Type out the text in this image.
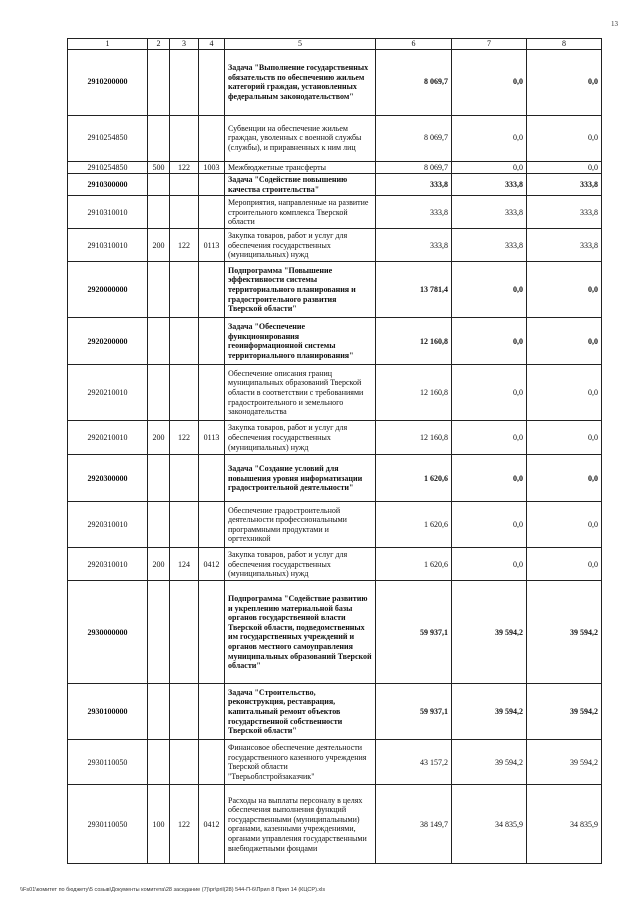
13
1	2	3	4	5	6	7	8
2910200000				Задача "Выполнение государственных обязательств по обеспечению жильем категорий граждан, установленных федеральным законодательством"	8 069,7	0,0	0,0
2910254850				Субвенции на обеспечение жильем граждан, уволенных с военной службы (службы), и приравненных к ним лиц	8 069,7	0,0	0,0
2910254850	500	122	1003	Межбюджетные трансферты	8 069,7	0,0	0,0
2910300000				Задача "Содействие повышению качества строительства"	333,8	333,8	333,8
2910310010				Мероприятия, направленные на развитие строительного комплекса Тверской области	333,8	333,8	333,8
2910310010	200	122	0113	Закупка товаров, работ и услуг для обеспечения государственных (муниципальных) нужд	333,8	333,8	333,8
2920000000				Подпрограмма "Повышение эффективности системы территориального планирования и градостроительного развития Тверской области"	13 781,4	0,0	0,0
2920200000				Задача "Обеспечение функционирования геоинформационной системы территориального планирования"	12 160,8	0,0	0,0
2920210010				Обеспечение описания границ муниципальных образований Тверской области в соответствии с требованиями градостроительного и земельного законодательства	12 160,8	0,0	0,0
2920210010	200	122	0113	Закупка товаров, работ и услуг для обеспечения государственных (муниципальных) нужд	12 160,8	0,0	0,0
2920300000				Задача "Создание условий для повышения уровня информатизации градостроительной деятельности"	1 620,6	0,0	0,0
2920310010				Обеспечение градостроительной деятельности профессиональными программными продуктами и оргтехникой	1 620,6	0,0	0,0
2920310010	200	124	0412	Закупка товаров, работ и услуг для обеспечения государственных (муниципальных) нужд	1 620,6	0,0	0,0
2930000000				Подпрограмма "Содействие развитию и укреплению материальной базы органов государственной власти Тверской области, подведомственных им государственных учреждений и органов местного самоуправления муниципальных образований Тверской области"	59 937,1	39 594,2	39 594,2
2930100000				Задача "Строительство, реконструкция, реставрация, капитальный ремонт объектов государственной собственности Тверской области"	59 937,1	39 594,2	39 594,2
2930110050				Финансовое обеспечение деятельности государственного казенного учреждения Тверской области "Тверьоблстройзаказчик"	43 157,2	39 594,2	39 594,2
2930110050	100	122	0412	Расходы на выплаты персоналу в целях обеспечения выполнения функций государственными (муниципальными) органами, казенными учреждениями, органами управления государственными внебюджетными фондами	38 149,7	34 835,9	34 835,9
\\Fs01\комитет по бюджету\5 созыв\Документы комитета\28 заседание (7)\pr\pril(28) 544-П-6\Прил 8 Прил 14 (КЦСР).xls
